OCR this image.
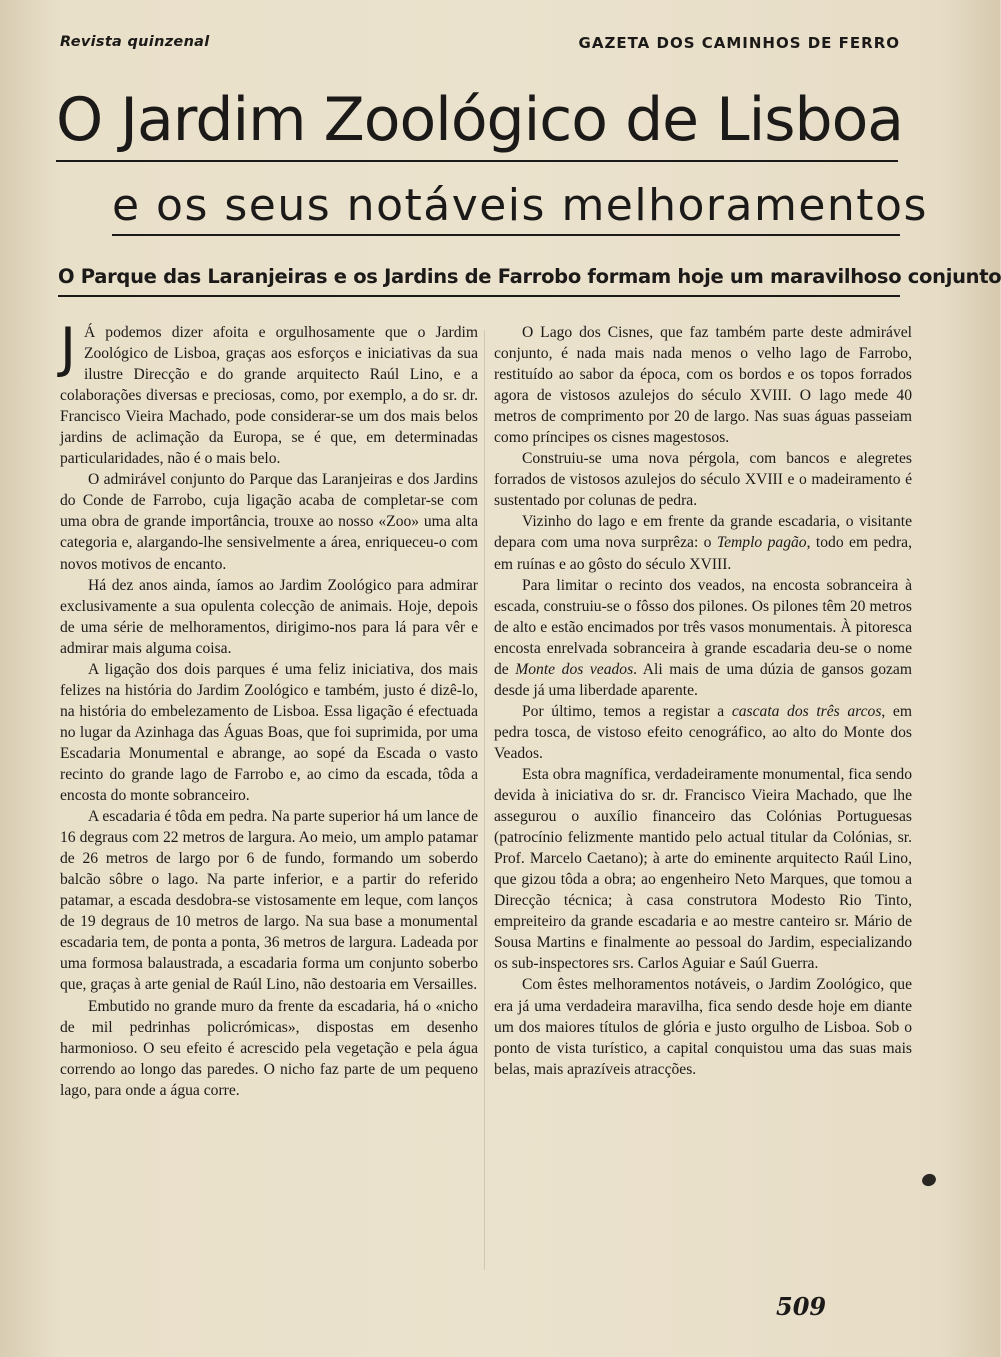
Revista quinzenal	GAZETA DOS CAMINHOS DE FERRO
O Jardim Zoológico de Lisboa
e os seus notáveis melhoramentos
O Parque das Laranjeiras e os Jardins de Farrobo formam hoje um maravilhoso conjunto

J Á podemos dizer afoita e orgulhosamente que o Jardim Zoológico de Lisboa, graças aos esforços e iniciativas da sua ilustre Direcção e do grande arquitecto Raúl Lino, e a colaborações diversas e preciosas, como, por exemplo, a do sr. dr. Francisco Vieira Machado, pode considerar-se um dos mais belos jardins de aclimação da Europa, se é que, em determinadas particularidades, não é o mais belo.

O admirável conjunto do Parque das Laranjeiras e dos Jardins do Conde de Farrobo, cuja ligação acaba de completar-se com uma obra de grande importância, trouxe ao nosso «Zoo» uma alta categoria e, alargando-lhe sensivelmente a área, enriqueceu-o com novos motivos de encanto.

Há dez anos ainda, íamos ao Jardim Zoológico para admirar exclusivamente a sua opulenta colecção de animais. Hoje, depois de uma série de melhoramentos, dirigimo-nos para lá para vêr e admirar mais alguma coisa.

A ligação dos dois parques é uma feliz iniciativa, dos mais felizes na história do Jardim Zoológico e também, justo é dizê-lo, na história do embelezamento de Lisboa. Essa ligação é efectuada no lugar da Azinhaga das Águas Boas, que foi suprimida, por uma Escadaria Monumental e abrange, ao sopé da Escada o vasto recinto do grande lago de Farrobo e, ao cimo da escada, tôda a encosta do monte sobranceiro.

A escadaria é tôda em pedra. Na parte superior há um lance de 16 degraus com 22 metros de largura. Ao meio, um amplo patamar de 26 metros de largo por 6 de fundo, formando um soberdo balcão sôbre o lago. Na parte inferior, e a partir do referido patamar, a escada desdobra-se vistosamente em leque, com lanços de 19 degraus de 10 metros de largo. Na sua base a monumental escadaria tem, de ponta a ponta, 36 metros de largura. Ladeada por uma formosa balaustrada, a escadaria forma um conjunto soberbo que, graças à arte genial de Raúl Lino, não destoaria em Versailles.

Embutido no grande muro da frente da escadaria, há o «nicho de mil pedrinhas policrómicas», dispostas em desenho harmonioso. O seu efeito é acrescido pela vegetação e pela água correndo ao longo das paredes. O nicho faz parte de um pequeno lago, para onde a água corre.

O Lago dos Cisnes, que faz também parte deste admirável conjunto, é nada mais nada menos o velho lago de Farrobo, restituído ao sabor da época, com os bordos e os topos forrados agora de vistosos azulejos do século XVIII. O lago mede 40 metros de comprimento por 20 de largo. Nas suas águas passeiam como príncipes os cisnes magestosos.

Construiu-se uma nova pérgola, com bancos e alegretes forrados de vistosos azulejos do século XVIII e o madeiramento é sustentado por colunas de pedra.

Vizinho do lago e em frente da grande escadaria, o visitante depara com uma nova surprêza: o Templo pagão, todo em pedra, em ruínas e ao gôsto do século XVIII.

Para limitar o recinto dos veados, na encosta sobranceira à escada, construiu-se o fôsso dos pilones. Os pilones têm 20 metros de alto e estão encimados por três vasos monumentais. À pitoresca encosta enrelvada sobranceira à grande escadaria deu-se o nome de Monte dos veados. Ali mais de uma dúzia de gansos gozam desde já uma liberdade aparente.

Por último, temos a registar a cascata dos três arcos, em pedra tosca, de vistoso efeito cenográfico, ao alto do Monte dos Veados.

Esta obra magnífica, verdadeiramente monumental, fica sendo devida à iniciativa do sr. dr. Francisco Vieira Machado, que lhe assegurou o auxílio financeiro das Colónias Portuguesas (patrocínio felizmente mantido pelo actual titular da Colónias, sr. Prof. Marcelo Caetano); à arte do eminente arquitecto Raúl Lino, que gizou tôda a obra; ao engenheiro Neto Marques, que tomou a Direcção técnica; à casa construtora Modesto Rio Tinto, empreiteiro da grande escadaria e ao mestre canteiro sr. Mário de Sousa Martins e finalmente ao pessoal do Jardim, especializando os sub-inspectores srs. Carlos Aguiar e Saúl Guerra.

Com êstes melhoramentos notáveis, o Jardim Zoológico, que era já uma verdadeira maravilha, fica sendo desde hoje em diante um dos maiores títulos de glória e justo orgulho de Lisboa. Sob o ponto de vista turístico, a capital conquistou uma das suas mais belas, mais aprazíveis atracções.

509
